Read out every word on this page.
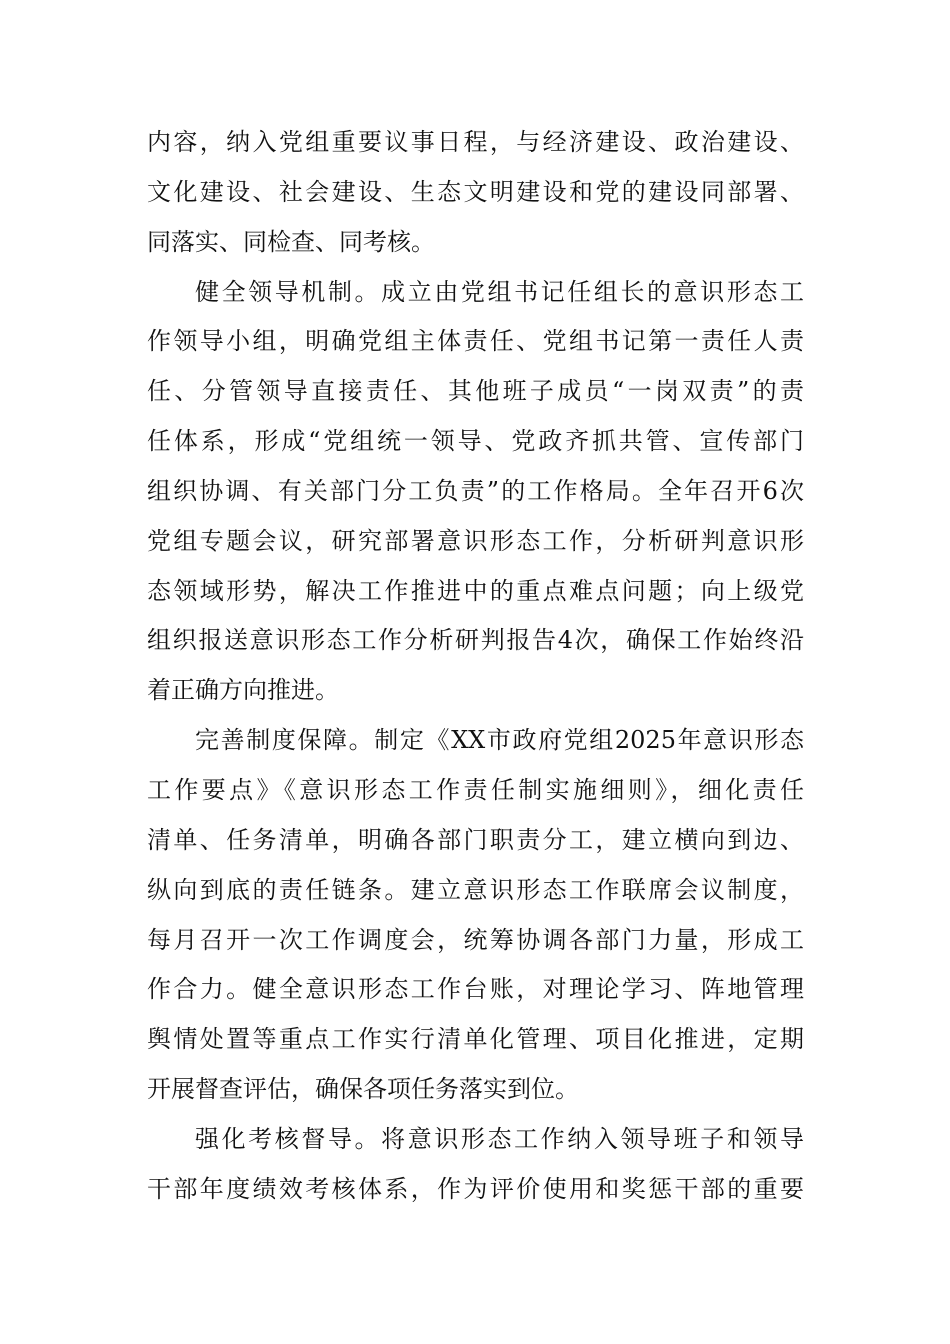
内容，纳入党组重要议事日程，与经济建设、政治建设、
文化建设、社会建设、生态文明建设和党的建设同部署、
同落实、同检查、同考核。
健全领导机制。成立由党组书记任组长的意识形态工
作领导小组，明确党组主体责任、党组书记第一责任人责
任、分管领导直接责任、其他班子成员“一岗双责”的责
任体系，形成“党组统一领导、党政齐抓共管、宣传部门
组织协调、有关部门分工负责”的工作格局。全年召开6次
党组专题会议，研究部署意识形态工作，分析研判意识形
态领域形势，解决工作推进中的重点难点问题；向上级党
组织报送意识形态工作分析研判报告4次，确保工作始终沿
着正确方向推进。
完善制度保障。制定《XX市政府党组2025年意识形态
工作要点》《意识形态工作责任制实施细则》，细化责任
清单、任务清单，明确各部门职责分工，建立横向到边、
纵向到底的责任链条。建立意识形态工作联席会议制度，
每月召开一次工作调度会，统筹协调各部门力量，形成工
作合力。健全意识形态工作台账，对理论学习、阵地管理
舆情处置等重点工作实行清单化管理、项目化推进，定期
开展督查评估，确保各项任务落实到位。
强化考核督导。将意识形态工作纳入领导班子和领导
干部年度绩效考核体系，作为评价使用和奖惩干部的重要
